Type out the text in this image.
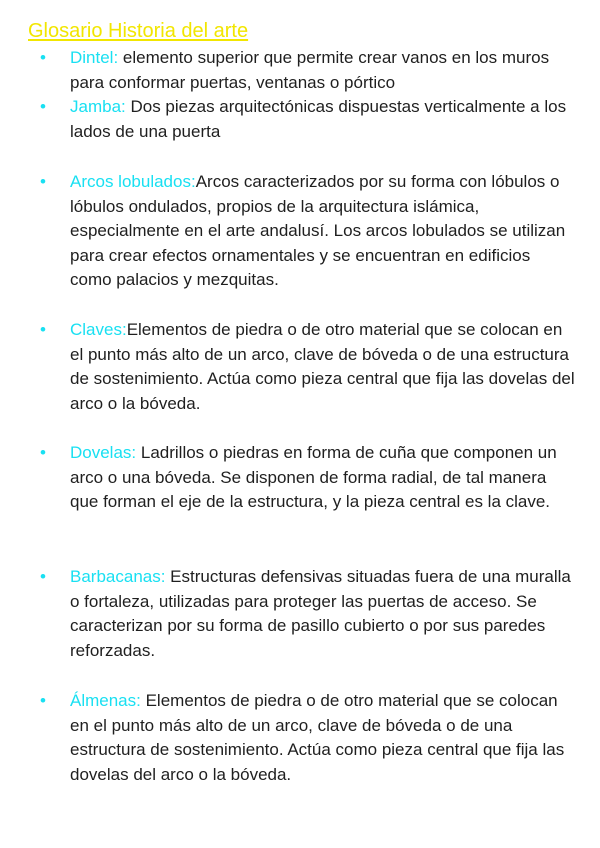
Glosario Historia del arte
• Dintel: elemento superior que permite crear vanos en los muros para conformar puertas, ventanas o pórtico
• Jamba: Dos piezas arquitectónicas dispuestas verticalmente a los lados de una puerta
• Arcos lobulados:Arcos caracterizados por su forma con lóbulos o lóbulos ondulados, propios de la arquitectura islámica, especialmente en el arte andalusí. Los arcos lobulados se utilizan para crear efectos ornamentales y se encuentran en edificios como palacios y mezquitas.
• Claves:Elementos de piedra o de otro material que se colocan en el punto más alto de un arco, clave de bóveda o de una estructura de sostenimiento. Actúa como pieza central que fija las dovelas del arco o la bóveda.
• Dovelas: Ladrillos o piedras en forma de cuña que componen un arco o una bóveda. Se disponen de forma radial, de tal manera que forman el eje de la estructura, y la pieza central es la clave.
• Barbacanas: Estructuras defensivas situadas fuera de una muralla o fortaleza, utilizadas para proteger las puertas de acceso. Se caracterizan por su forma de pasillo cubierto o por sus paredes reforzadas.
• Álmenas: Elementos de piedra o de otro material que se colocan en el punto más alto de un arco, clave de bóveda o de una estructura de sostenimiento. Actúa como pieza central que fija las dovelas del arco o la bóveda.
